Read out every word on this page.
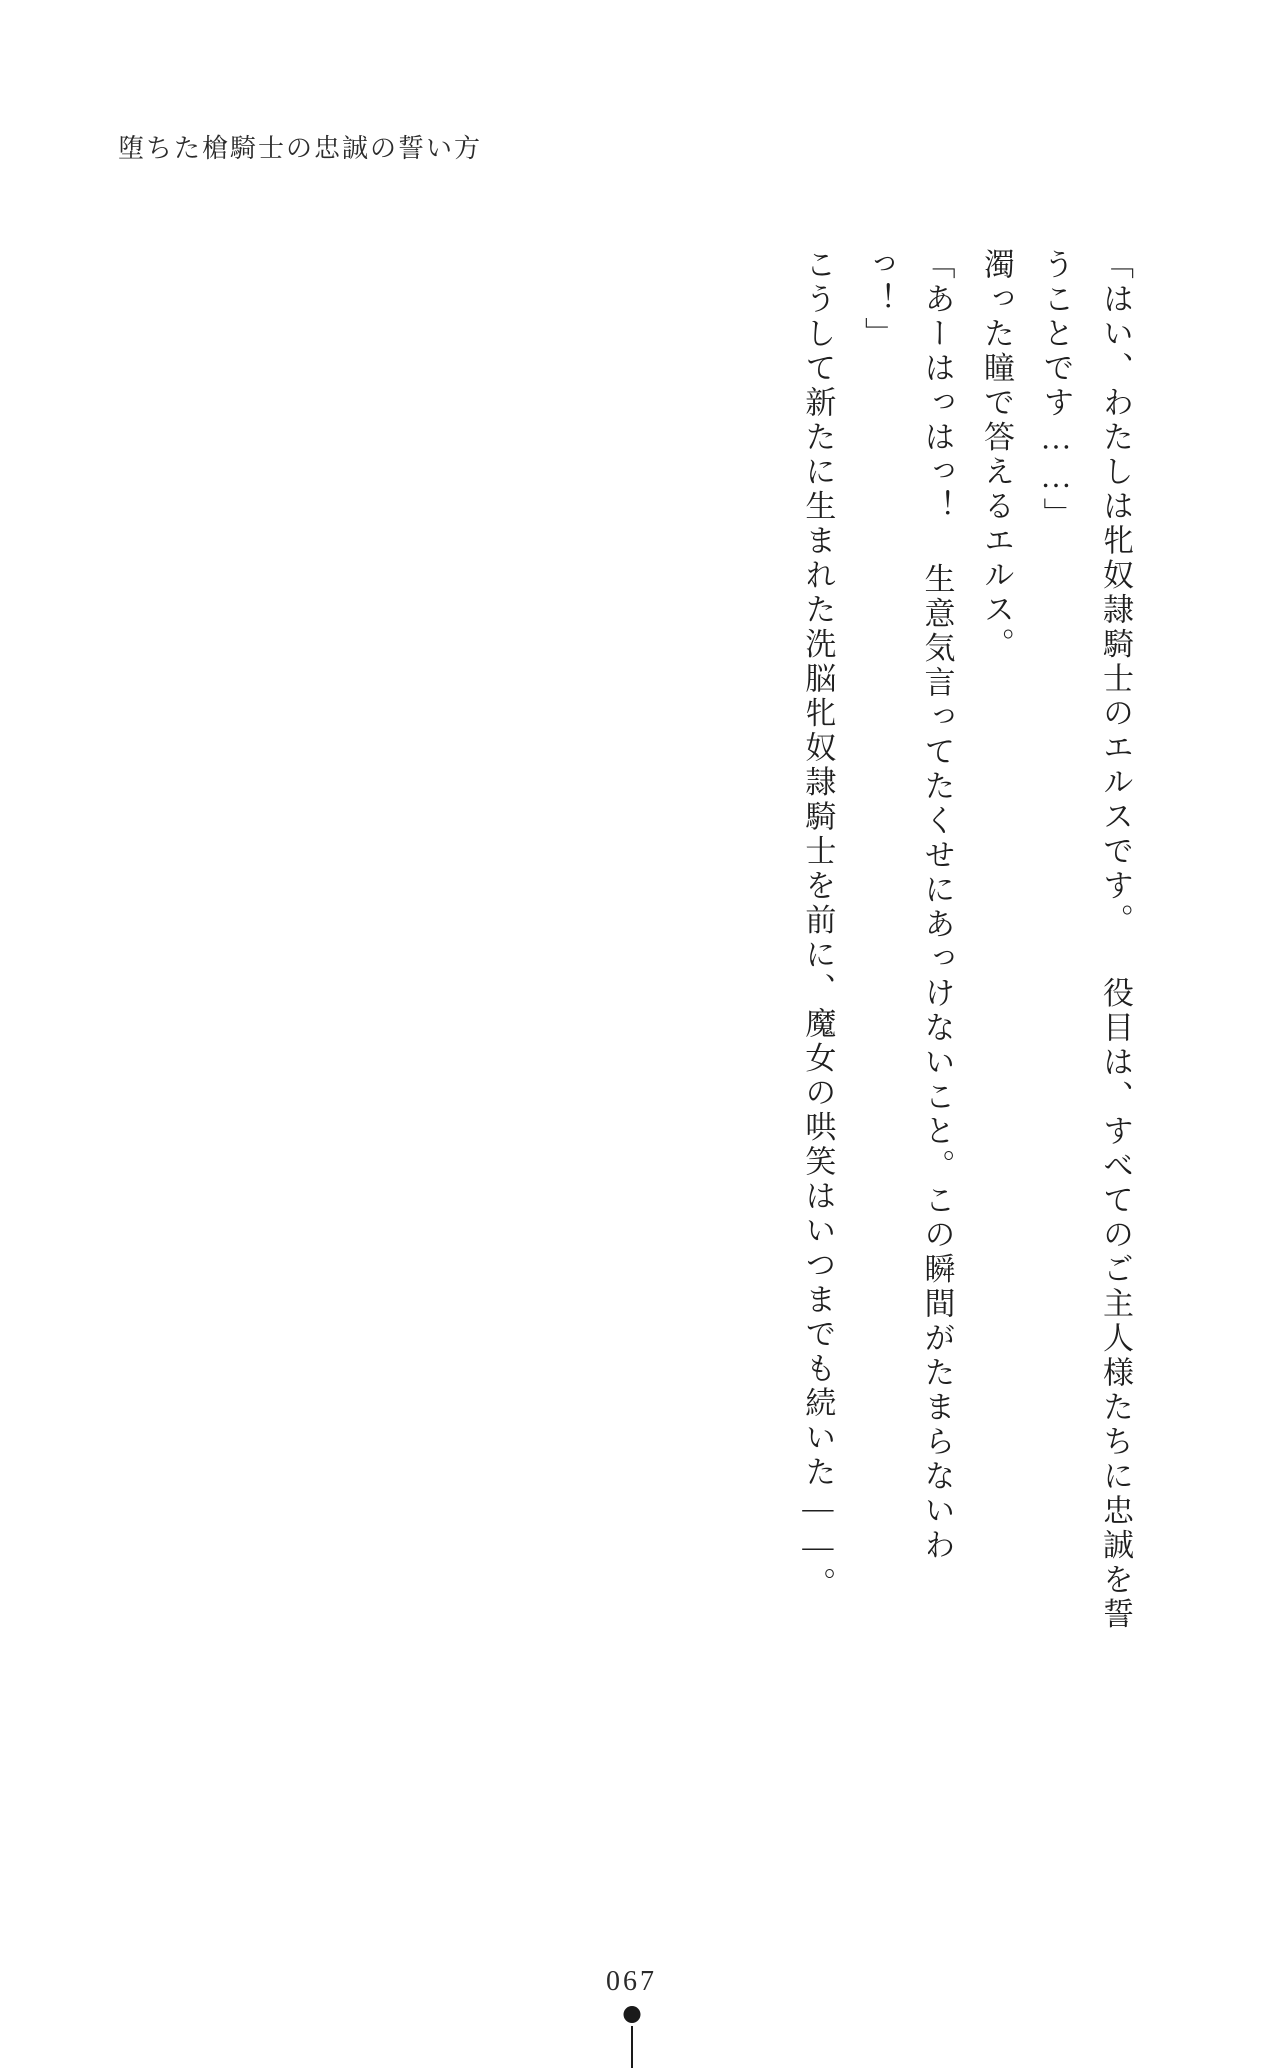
堕ちた槍騎士の忠誠の誓い方

「はい、わたしは牝奴隷騎士のエルスです。 役目は、すべてのご主人様たちに忠誠を誓うことです……」

濁った瞳で答えるエルス。

「あーはっはっ！ 生意気言ってたくせにあっけないこと。この瞬間がたまらないわっ！」

こうして新たに生まれた洗脳牝奴隷騎士を前に、魔女の哄笑はいつまでも続いた——。

067
